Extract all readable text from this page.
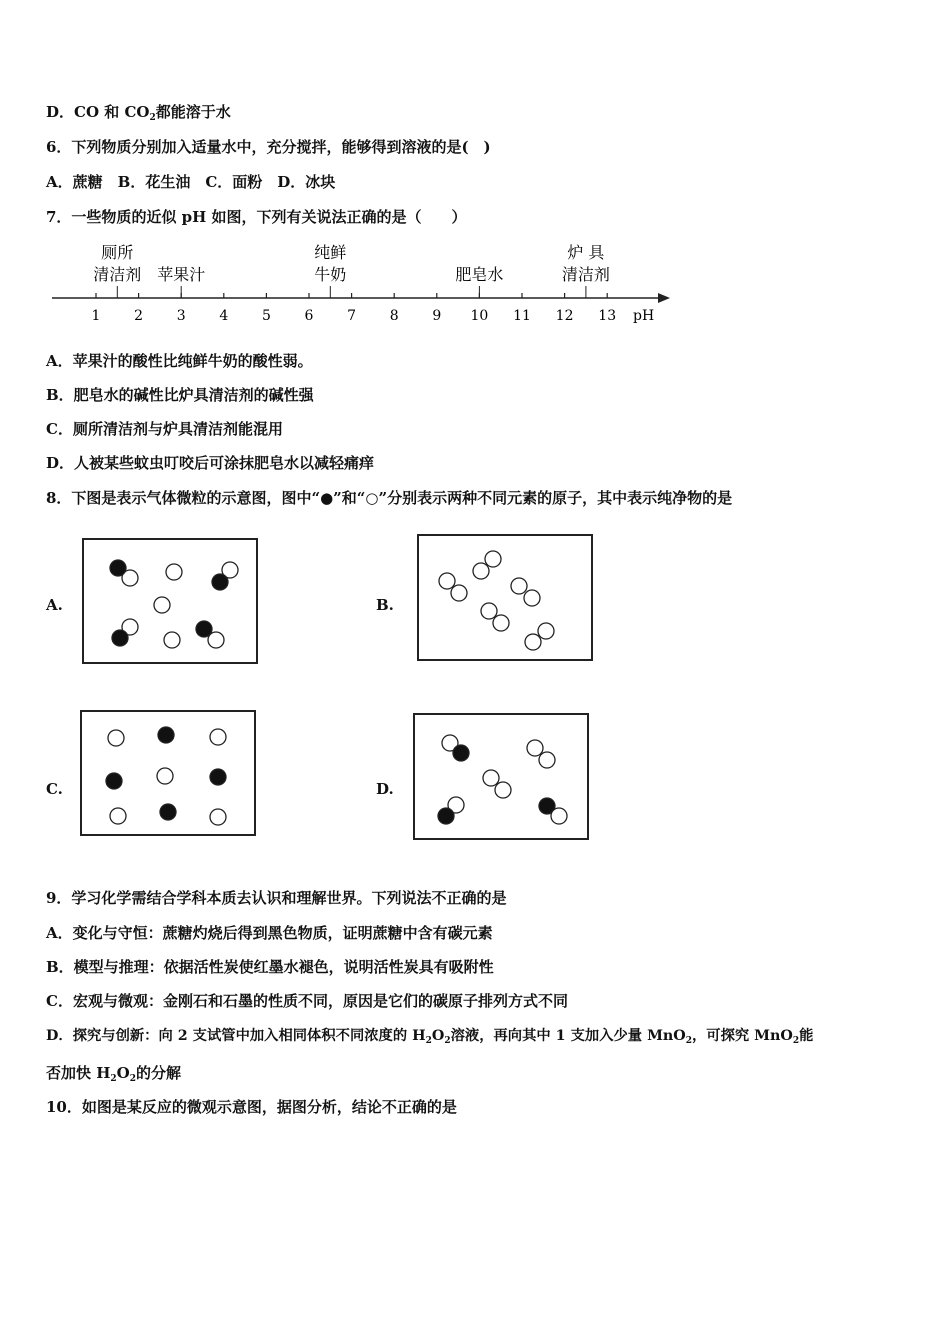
D．CO 和 $CO_2$都能溶于水
6．下列物质分别加入适量水中，充分搅拌，能够得到溶液的是(　)
A．蔗糖　B．花生油　C．面粉　D．冰块
7．一些物质的近似 pH 如图，下列有关说法正确的是（　　）
1 2 3 4 5 6 7 8 9 10 11 12 13
厕所
清洁剂 苹果汁
纯鲜
牛奶	肥皂水
炉 具
清洁剂
pH
A．苹果汁的酸性比纯鲜牛奶的酸性弱。
B．肥皂水的碱性比炉具清洁剂的碱性强
C．厕所清洁剂与炉具清洁剂能混用
D．人被某些蚊虫叮咬后可涂抹肥皂水以减轻痛痒
8．下图是表示气体微粒的示意图，图中“●”和“○”分别表示两种不同元素的原子，其中表示纯净物的是
A.	B.
C.	D.
9．学习化学需结合学科本质去认识和理解世界。下列说法不正确的是
A．变化与守恒：蔗糖灼烧后得到黑色物质，证明蔗糖中含有碳元素
B．模型与推理：依据活性炭使红墨水褪色，说明活性炭具有吸附性
C．宏观与微观：金刚石和石墨的性质不同，原因是它们的碳原子排列方式不同
D．探究与创新：向 2 支试管中加入相同体积不同浓度的 $H_2O_2$溶液，再向其中 1 支加入少量 MnO$_2$，可探究 MnO$_2$能
否加快 $H_2O_2$的分解
10．如图是某反应的微观示意图，据图分析，结论不正确的是
